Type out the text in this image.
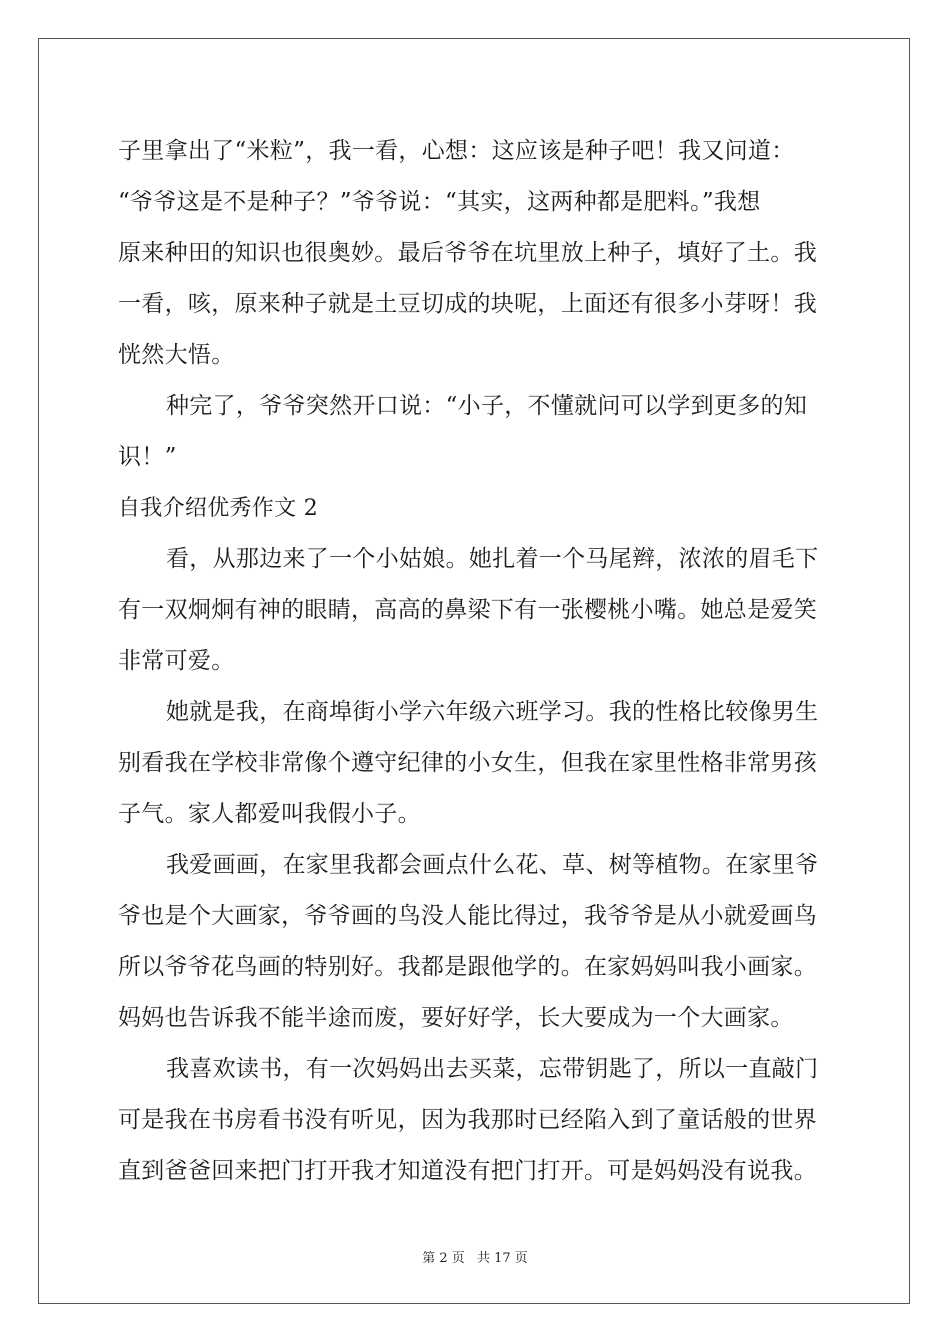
子里拿出了“米粒”，我一看，心想：这应该是种子吧！我又问道：
“爷爷这是不是种子？”爷爷说：“其实，这两种都是肥料。”我想
原来种田的知识也很奥妙。最后爷爷在坑里放上种子，填好了土。我
一看，咳，原来种子就是土豆切成的块呢，上面还有很多小芽呀！我
恍然大悟。
种完了，爷爷突然开口说：“小子，不懂就问可以学到更多的知
识！”
自我介绍优秀作文 2
看，从那边来了一个小姑娘。她扎着一个马尾辫，浓浓的眉毛下
有一双炯炯有神的眼睛，高高的鼻梁下有一张樱桃小嘴。她总是爱笑
非常可爱。
她就是我，在商埠街小学六年级六班学习。我的性格比较像男生
别看我在学校非常像个遵守纪律的小女生，但我在家里性格非常男孩
子气。家人都爱叫我假小子。
我爱画画，在家里我都会画点什么花、草、树等植物。在家里爷
爷也是个大画家，爷爷画的鸟没人能比得过，我爷爷是从小就爱画鸟
所以爷爷花鸟画的特别好。我都是跟他学的。在家妈妈叫我小画家。
妈妈也告诉我不能半途而废，要好好学，长大要成为一个大画家。
我喜欢读书，有一次妈妈出去买菜，忘带钥匙了，所以一直敲门
可是我在书房看书没有听见，因为我那时已经陷入到了童话般的世界
直到爸爸回来把门打开我才知道没有把门打开。可是妈妈没有说我。
第 2 页 共 17 页
